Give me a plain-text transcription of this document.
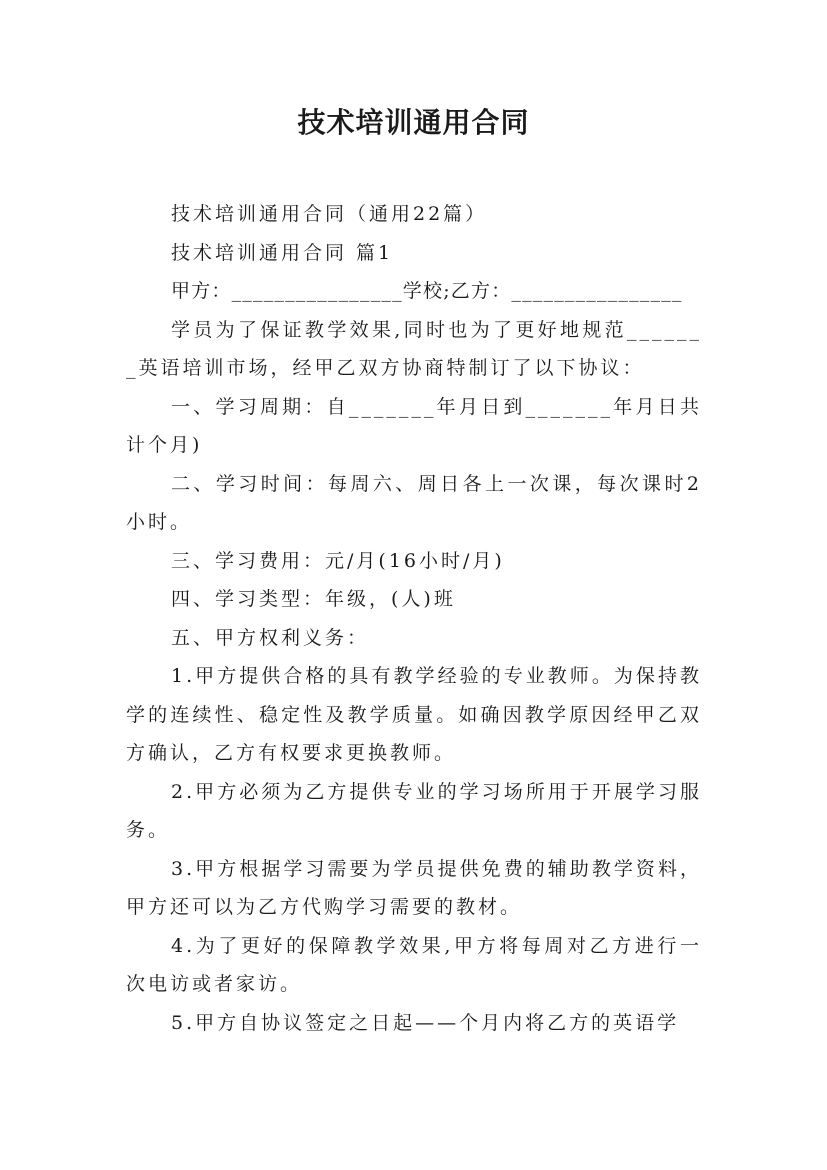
技术培训通用合同

技术培训通用合同（通用22篇）

技术培训通用合同 篇1

甲方：________________学校;乙方：________________

学员为了保证教学效果,同时也为了更好地规范_______英语培训市场，经甲乙双方协商特制订了以下协议：

一、学习周期：自_______年月日到_______年月日共计个月)

二、学习时间：每周六、周日各上一次课，每次课时2小时。

三、学习费用：元/月(16小时/月)

四、学习类型：年级，(人)班

五、甲方权利义务：

1.甲方提供合格的具有教学经验的专业教师。为保持教学的连续性、稳定性及教学质量。如确因教学原因经甲乙双方确认，乙方有权要求更换教师。

2.甲方必须为乙方提供专业的学习场所用于开展学习服务。

3.甲方根据学习需要为学员提供免费的辅助教学资料，甲方还可以为乙方代购学习需要的教材。

4.为了更好的保障教学效果,甲方将每周对乙方进行一次电访或者家访。

5.甲方自协议签定之日起——个月内将乙方的英语学
